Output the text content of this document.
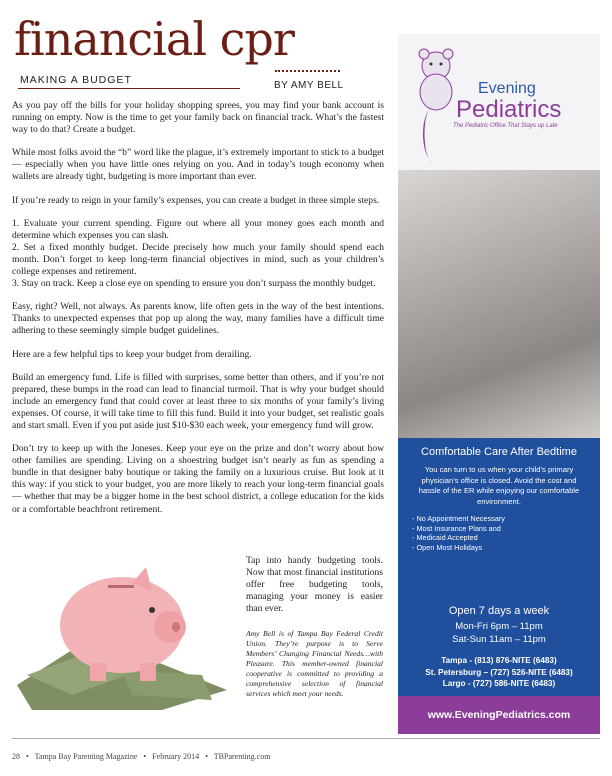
financial cpr
MAKING A BUDGET	BY AMY BELL

As you pay off the bills for your holiday shopping sprees, you may find your bank account is running on empty. Now is the time to get your family back on financial track. What’s the fastest way to do that? Create a budget.

While most folks avoid the “b” word like the plague, it’s extremely important to stick to a budget — especially when you have little ones relying on you. And in today’s tough economy when wallets are already tight, budgeting is more important than ever.

If you’re ready to reign in your family’s expenses, you can create a budget in three simple steps.

1. Evaluate your current spending. Figure out where all your money goes each month and determine which expenses you can slash.

2. Set a fixed monthly budget. Decide precisely how much your family should spend each month. Don’t forget to keep long-term financial objectives in mind, such as your children’s college expenses and retirement.

3. Stay on track. Keep a close eye on spending to ensure you don’t surpass the monthly budget.

Easy, right? Well, not always. As parents know, life often gets in the way of the best intentions. Thanks to unexpected expenses that pop up along the way, many families have a difficult time adhering to these seemingly simple budget guidelines.

Here are a few helpful tips to keep your budget from derailing.

Build an emergency fund. Life is filled with surprises, some better than others, and if you’re not prepared, these bumps in the road can lead to financial turmoil. That is why your budget should include an emergency fund that could cover at least three to six months of your family’s living expenses. Of course, it will take time to fill this fund. Build it into your budget, set realistic goals and start small. Even if you put aside just $10-$30 each week, your emergency fund will grow.

Don’t try to keep up with the Joneses. Keep your eye on the prize and don’t worry about how other families are spending. Living on a shoestring budget isn’t nearly as fun as spending a bundle in that designer baby boutique or taking the family on a luxurious cruise. But look at it this way: if you stick to your budget, you are more likely to reach your long-term financial goals — whether that may be a bigger home in the best school district, a college education for the kids or a comfortable beachfront retirement.

Tap into handy budgeting tools. Now that most financial institutions offer free budgeting tools, managing your money is easier than ever.

Amy Bell is of Tampa Bay Federal Credit Union. They’re purpose is to Serve Members’ Changing Financial Needs…with Pleasure. This member-owned financial cooperative is committed to providing a comprehensive selection of financial services which meet your needs.

Evening
Pediatrics
The Pediatric Office That Stays up Late
Comfortable Care After Bedtime
You can turn to us when your child’s primary physician’s office is closed. Avoid the cost and hassle of the ER while enjoying our comfortable environment.
- No Appointment Necessary
- Most Insurance Plans and
- Medicaid Accepted
- Open Most Holidays
Open 7 days a week
Mon-Fri 6pm – 11pm
Sat-Sun 11am – 11pm
Tampa - (813) 876-NITE (6483)
St. Petersburg – (727) 526-NITE (6483)
Largo - (727) 586-NITE (6483)
www.EveningPediatrics.com
28 • Tampa Bay Parenting Magazine • February 2014 • TBParenting.com
